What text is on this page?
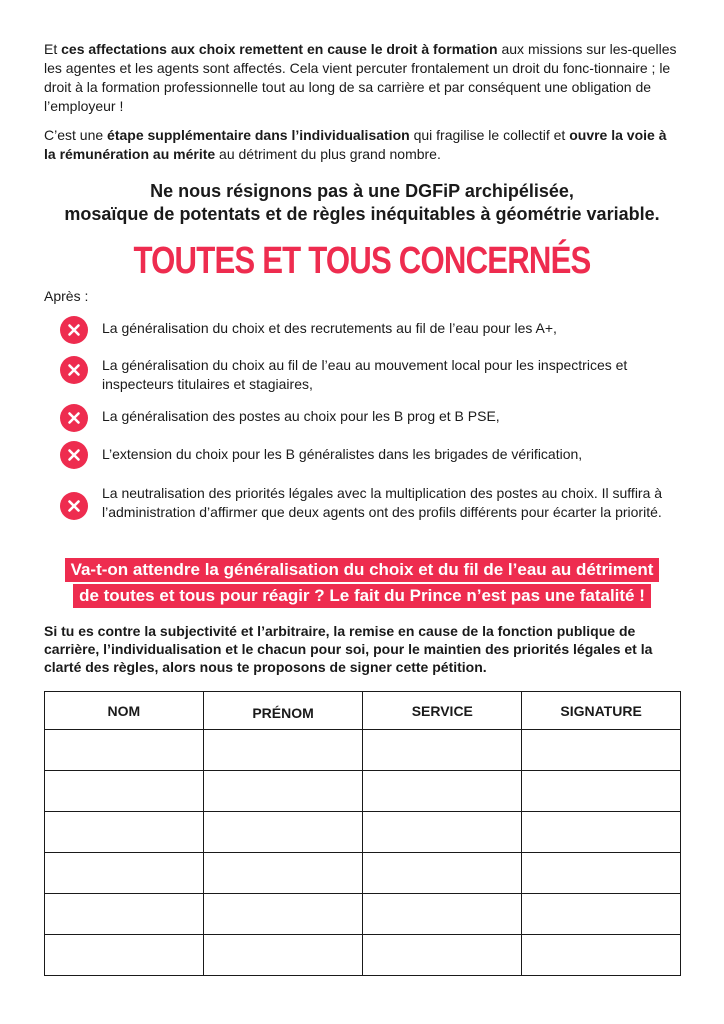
Et ces affectations aux choix remettent en cause le droit à formation aux missions sur les-quelles les agentes et les agents sont affectés. Cela vient percuter frontalement un droit du fonc-tionnaire ; le droit à la formation professionnelle tout au long de sa carrière et par conséquent une obligation de l’employeur !

C’est une étape supplémentaire dans l’individualisation qui fragilise le collectif et ouvre la voie à la rémunération au mérite au détriment du plus grand nombre.

Ne nous résignons pas à une DGFiP archipélisée,
mosaïque de potentats et de règles inéquitables à géométrie variable.

TOUTES ET TOUS CONCERNÉS

Après :

La généralisation du choix et des recrutements au fil de l’eau pour les A+,

La généralisation du choix au fil de l’eau au mouvement local pour les inspectrices et inspecteurs titulaires et stagiaires,

La généralisation des postes au choix pour les B prog et B PSE,

L’extension du choix pour les B généralistes dans les brigades de vérification,

La neutralisation des priorités légales avec la multiplication des postes au choix. Il suffira à l’administration d’affirmer que deux agents ont des profils différents pour écarter la priorité.

Va-t-on attendre la généralisation du choix et du fil de l’eau au détriment
de toutes et tous pour réagir ? Le fait du Prince n’est pas une fatalité !

Si tu es contre la subjectivité et l’arbitraire, la remise en cause de la fonction publique de carrière, l’individualisation et le chacun pour soi, pour le maintien des priorités légales et la clarté des règles, alors nous te proposons de signer cette pétition.

NOM	PRÉNOM	SERVICE	SIGNATURE
